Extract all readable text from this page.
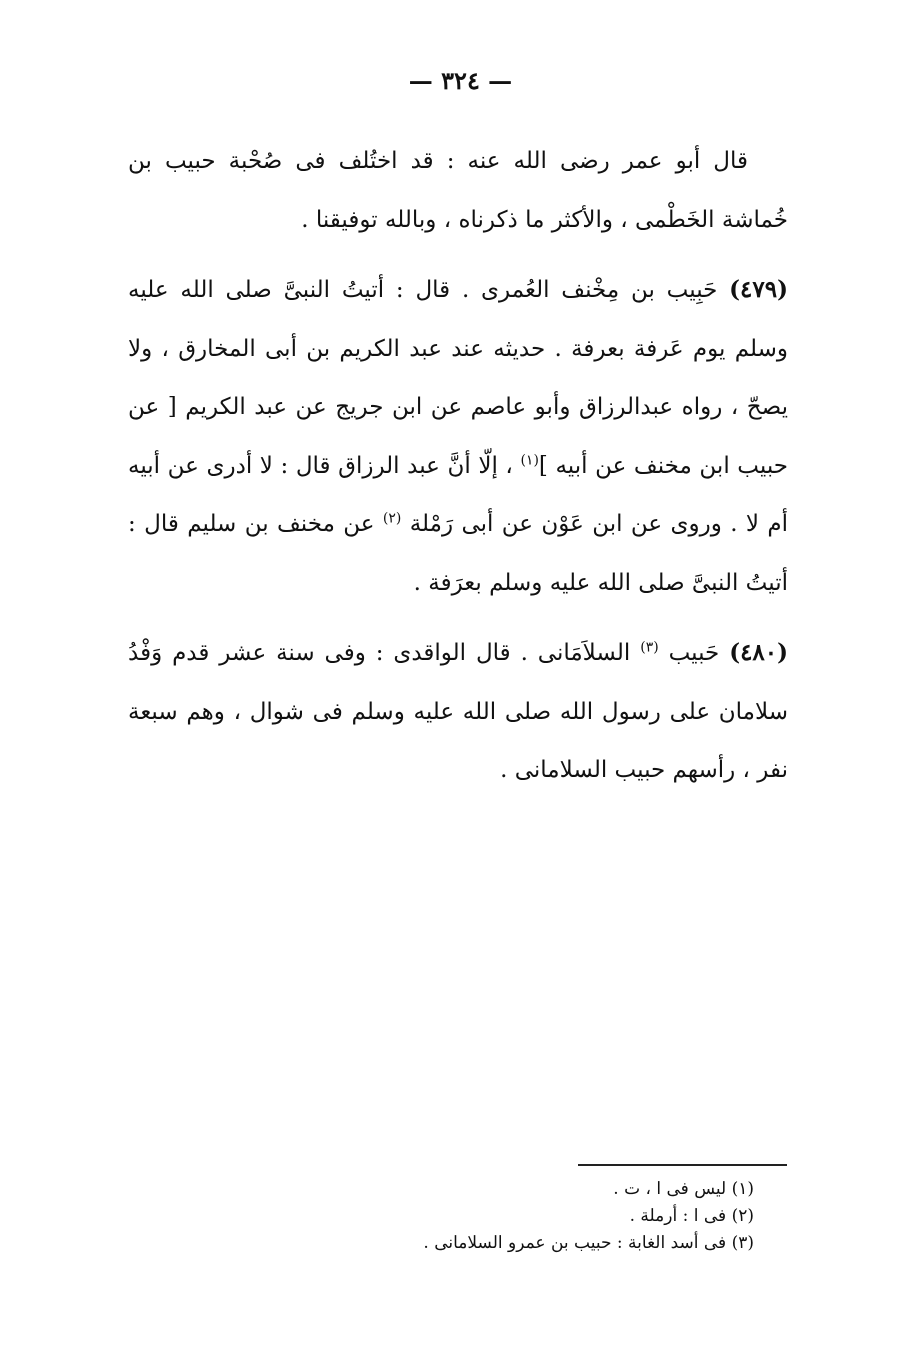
— ٣٢٤ —

قال أبو عمر رضى الله عنه : قد اختُلف فى صُحْبة حبيب بن خُماشة الخَطْمى ، والأكثر ما ذكرناه ، وبالله توفيقنا .

(٤٧٩) حَبِيب بن مِخْنف العُمرى . قال : أتيتُ النبىَّ صلى الله عليه وسلم يوم عَرفة بعرفة . حديثه عند عبد الكريم بن أبى المخارق ، ولا يصحّ ، رواه عبدالرزاق وأبو عاصم عن ابن جريج عن عبد الكريم [ عن حبيب ابن مخنف عن أبيه ]$^{(١)}$ ، إلّا أنَّ عبد الرزاق قال : لا أدرى عن أبيه أم لا . وروى عن ابن عَوْن عن أبى رَمْلة $^{(٢)}$ عن مخنف بن سليم قال : أتيتُ النبىَّ صلى الله عليه وسلم بعرَفة .

(٤٨٠) حَبيب $^{(٣)}$ السلاَمَانى . قال الواقدى : وفى سنة عشر قدم وَفْدُ سلامان على رسول الله صلى الله عليه وسلم فى شوال ، وهم سبعة نفر ، رأسهم حبيب السلامانى .

(١) ليس فى ا ، ت .

(٢) فى ا : أرملة .

(٣) فى أسد الغابة : حبيب بن عمرو السلامانى .
